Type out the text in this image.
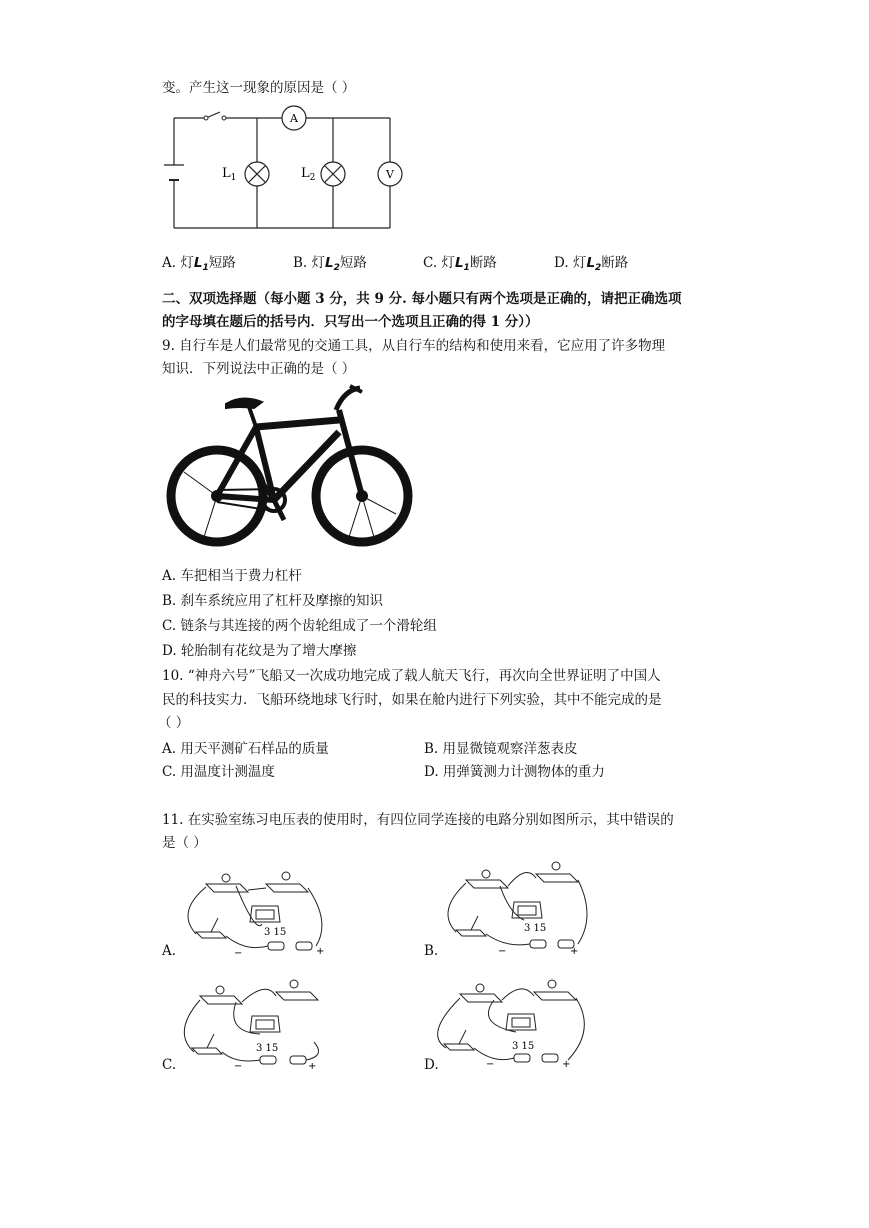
变。产生这一现象的原因是（ ）
A
V
$L_1$	$L_2$
A. 灯$L_1$短路	B. 灯$L_2$短路	C. 灯$L_1$断路	D. 灯$L_2$断路
二、双项选择题（每小题 3 分，共 9 分. 每小题只有两个选项是正确的，请把正确选项
的字母填在题后的括号内．只写出一个选项且正确的得 1 分））
9. 自行车是人们最常见的交通工具，从自行车的结构和使用来看，它应用了许多物理
知识．下列说法中正确的是（ ）
A. 车把相当于费力杠杆
B. 刹车系统应用了杠杆及摩擦的知识
C. 链条与其连接的两个齿轮组成了一个滑轮组
D. 轮胎制有花纹是为了增大摩擦
10. “神舟六号”飞船又一次成功地完成了载人航天飞行，再次向全世界证明了中国人
民的科技实力．飞船环绕地球飞行时，如果在舱内进行下列实验，其中不能完成的是
（ ）
A. 用天平测矿石样品的质量	B. 用显微镜观察洋葱表皮
C. 用温度计测温度	D. 用弹簧测力计测物体的重力
11. 在实验室练习电压表的使用时，有四位同学连接的电路分别如图所示，其中错误的
是（ ）
A.
3 15
−	+	B.
3 15
−	+
C.
3 15
−	+	D.
3 15
−	+
